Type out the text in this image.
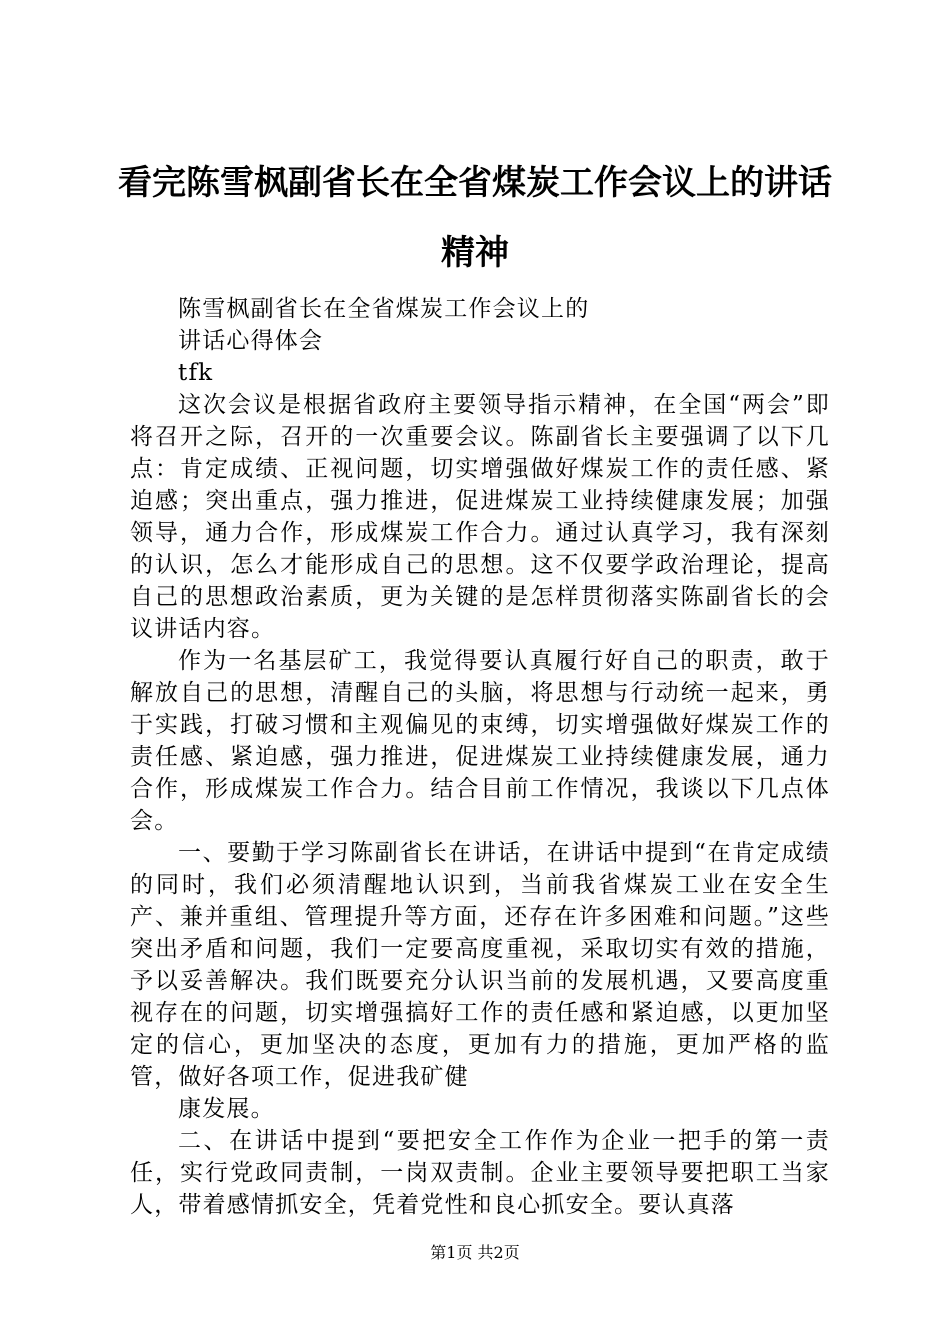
看完陈雪枫副省长在全省煤炭工作会议上的讲话精神

陈雪枫副省长在全省煤炭工作会议上的

讲话心得体会

tfk

这次会议是根据省政府主要领导指示精神，在全国“两会”即将召开之际，召开的一次重要会议。陈副省长主要强调了以下几点：肯定成绩、正视问题，切实增强做好煤炭工作的责任感、紧迫感；突出重点，强力推进，促进煤炭工业持续健康发展；加强领导，通力合作，形成煤炭工作合力。通过认真学习，我有深刻的认识，怎么才能形成自己的思想。这不仅要学政治理论，提高自己的思想政治素质，更为关键的是怎样贯彻落实陈副省长的会议讲话内容。

作为一名基层矿工，我觉得要认真履行好自己的职责，敢于解放自己的思想，清醒自己的头脑，将思想与行动统一起来，勇于实践，打破习惯和主观偏见的束缚，切实增强做好煤炭工作的责任感、紧迫感，强力推进，促进煤炭工业持续健康发展，通力合作，形成煤炭工作合力。结合目前工作情况，我谈以下几点体会。

一、要勤于学习陈副省长在讲话，在讲话中提到“在肯定成绩的同时，我们必须清醒地认识到，当前我省煤炭工业在安全生产、兼并重组、管理提升等方面，还存在许多困难和问题。”这些突出矛盾和问题，我们一定要高度重视，采取切实有效的措施，予以妥善解决。我们既要充分认识当前的发展机遇，又要高度重视存在的问题，切实增强搞好工作的责任感和紧迫感，以更加坚定的信心，更加坚决的态度，更加有力的措施，更加严格的监管，做好各项工作，促进我矿健

康发展。

二、在讲话中提到“要把安全工作作为企业一把手的第一责任，实行党政同责制，一岗双责制。企业主要领导要把职工当家人，带着感情抓安全，凭着党性和良心抓安全。要认真落

第1页 共2页
